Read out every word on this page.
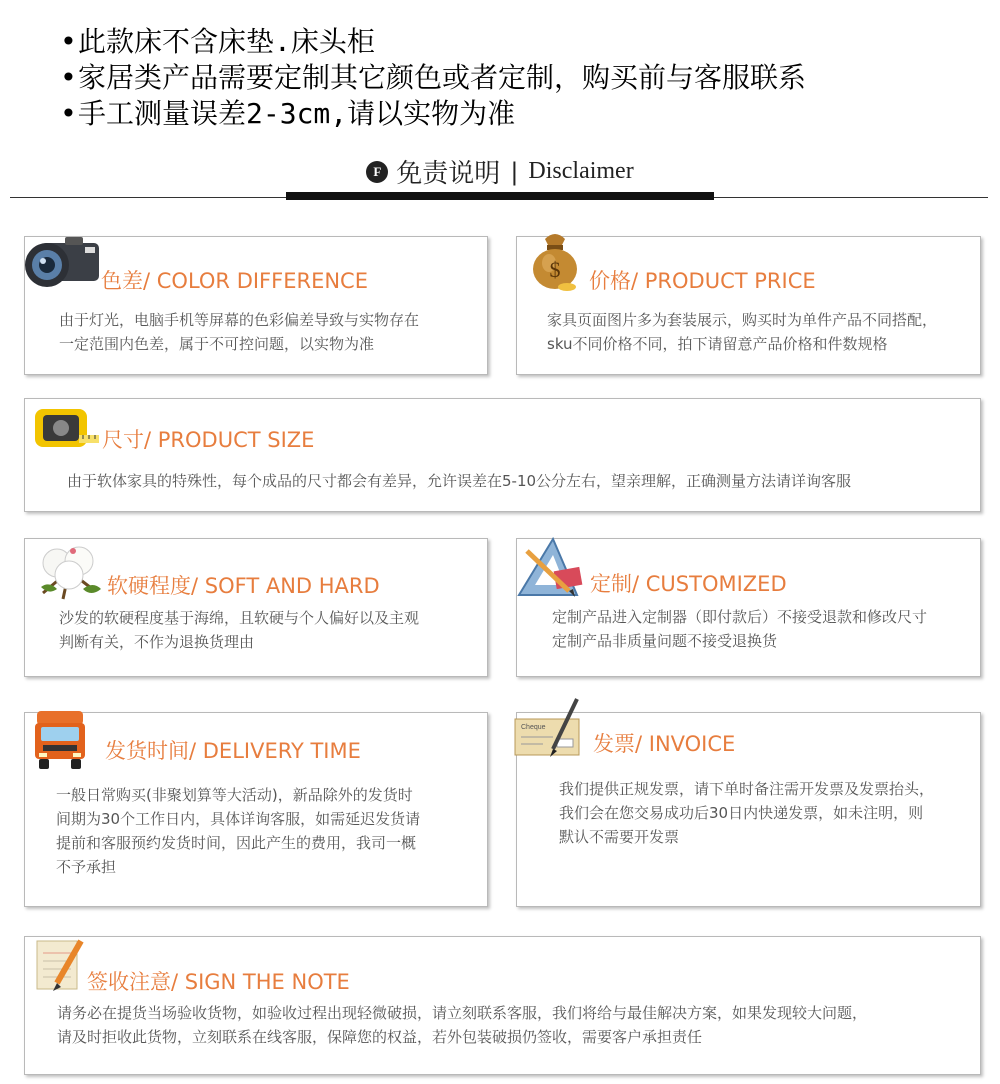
•此款床不含床垫.床头柜
•家居类产品需要定制其它颜色或者定制，购买前与客服联系
•手工测量误差2-3cm,请以实物为准
F 免责说明 | Disclaimer
色差/ COLOR DIFFERENCE
由于灯光，电脑手机等屏幕的色彩偏差导致与实物存在
一定范围内色差，属于不可控问题，以实物为准
$ 价格/ PRODUCT PRICE
家具页面图片多为套装展示，购买时为单件产品不同搭配，
sku不同价格不同，拍下请留意产品价格和件数规格
尺寸/ PRODUCT SIZE
由于软体家具的特殊性，每个成品的尺寸都会有差异，允许误差在5-10公分左右，望亲理解，正确测量方法请详询客服
软硬程度/ SOFT AND HARD
沙发的软硬程度基于海绵，且软硬与个人偏好以及主观
判断有关，不作为退换货理由
定制/ CUSTOMIZED
定制产品进入定制器（即付款后）不接受退款和修改尺寸
定制产品非质量问题不接受退换货
发货时间/ DELIVERY TIME
一般日常购买(非聚划算等大活动)，新品除外的发货时
间期为30个工作日内，具体详询客服，如需延迟发货请
提前和客服预约发货时间，因此产生的费用，我司一概
不予承担
Cheque
发票/ INVOICE
我们提供正规发票，请下单时备注需开发票及发票抬头，
我们会在您交易成功后30日内快递发票，如未注明，则
默认不需要开发票
签收注意/ SIGN THE NOTE
请务必在提货当场验收货物，如验收过程出现轻微破损，请立刻联系客服，我们将给与最佳解决方案，如果发现较大问题，
请及时拒收此货物，立刻联系在线客服，保障您的权益，若外包装破损仍签收，需要客户承担责任
